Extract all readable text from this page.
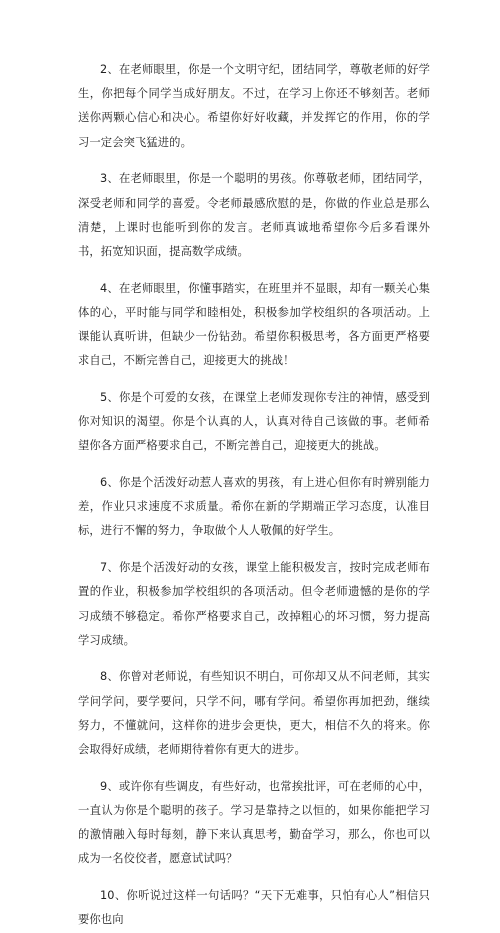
2、在老师眼里，你是一个文明守纪，团结同学，尊敬老师的好学生，你把每个同学当成好朋友。不过，在学习上你还不够刻苦。老师送你两颗心信心和决心。希望你好好收藏，并发挥它的作用，你的学习一定会突飞猛进的。

3、在老师眼里，你是一个聪明的男孩。你尊敬老师，团结同学，深受老师和同学的喜爱。令老师最感欣慰的是，你做的作业总是那么清楚，上课时也能听到你的发言。老师真诚地希望你今后多看课外书，拓宽知识面，提高数学成绩。

4、在老师眼里，你懂事踏实，在班里并不显眼，却有一颗关心集体的心，平时能与同学和睦相处，积极参加学校组织的各项活动。上课能认真听讲，但缺少一份钻劲。希望你积极思考，各方面更严格要求自己，不断完善自己，迎接更大的挑战！

5、你是个可爱的女孩，在课堂上老师发现你专注的神情，感受到你对知识的渴望。你是个认真的人，认真对待自己该做的事。老师希望你各方面严格要求自己，不断完善自己，迎接更大的挑战。

6、你是个活泼好动惹人喜欢的男孩，有上进心但你有时辨别能力差，作业只求速度不求质量。希你在新的学期端正学习态度，认准目标，进行不懈的努力，争取做个人人敬佩的好学生。

7、你是个活泼好动的女孩，课堂上能积极发言，按时完成老师布置的作业，积极参加学校组织的各项活动。但令老师遗憾的是你的学习成绩不够稳定。希你严格要求自己，改掉粗心的坏习惯，努力提高学习成绩。

8、你曾对老师说，有些知识不明白，可你却又从不问老师，其实学问学问，要学要问，只学不问，哪有学问。希望你再加把劲，继续努力，不懂就问，这样你的进步会更快，更大，相信不久的将来。你会取得好成绩，老师期待着你有更大的进步。

9、或许你有些调皮，有些好动，也常挨批评，可在老师的心中，一直认为你是个聪明的孩子。学习是靠持之以恒的，如果你能把学习的激情融入每时每刻，静下来认真思考，勤奋学习，那么，你也可以成为一名佼佼者，愿意试试吗？

10、你听说过这样一句话吗？“天下无难事，只怕有心人”相信只要你也向
